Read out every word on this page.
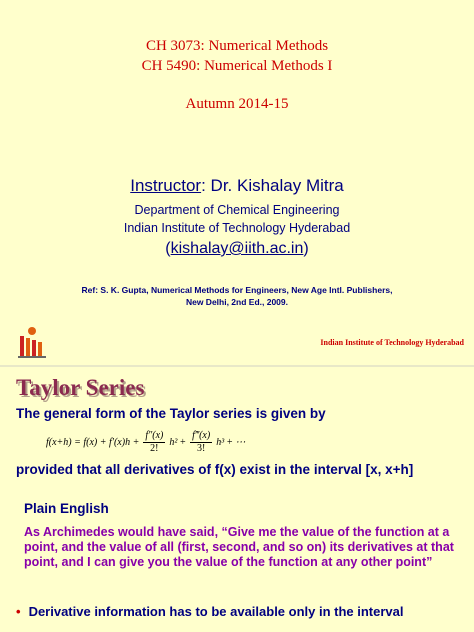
CH 3073: Numerical Methods
CH 5490: Numerical Methods I
Autumn 2014-15
Instructor: Dr. Kishalay Mitra
Department of Chemical Engineering
Indian Institute of Technology Hyderabad
(kishalay@iith.ac.in)
Ref: S. K. Gupta, Numerical Methods for Engineers, New Age Intl. Publishers,
New Delhi, 2nd Ed., 2009.
Indian Institute of Technology Hyderabad
Taylor Series
The general form of the Taylor series is given by
$f(x+h) = f(x) + f'(x)h + \frac{f''(x)}{2!} h^2 + \frac{f‴(x)}{3!} h^3$ + ⋯
provided that all derivatives of f(x) exist in the interval [x, x+h]
Plain English
As Archimedes would have said, “Give me the value of the function at a point, and the value of all (first, second, and so on) its derivatives at that point, and I can give you the value of the function at any other point”
• Derivative information has to be available only in the interval
